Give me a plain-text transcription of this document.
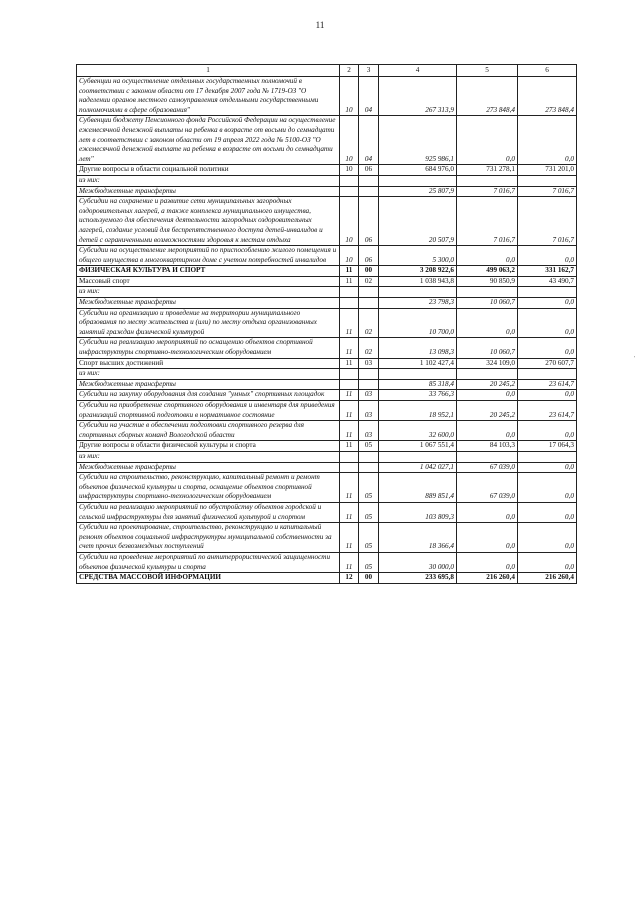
11
1	2	3	4	5	6
Субвенции на осуществление отдельных государственных полномочий в соответствии с законом области от 17 декабря 2007 года № 1719-ОЗ "О наделении органов местного самоуправления отдельными государственными полномочиями в сфере образования"	10	04	267 313,9	273 848,4	273 848,4
Субвенции бюджету Пенсионного фонда Российской Федерации на осуществление ежемесячной денежной выплаты на ребенка в возрасте от восьми до семнадцати лет в соответствии с законом области от 19 апреля 2022 года № 5100-ОЗ "О ежемесячной денежной выплате на ребенка в возрасте от восьми до семнадцати лет"	10	04	925 986,1	0,0	0,0
Другие вопросы в области социальной политики	10	06	684 976,0	731 278,1	731 201,0
из них:					
Межбюджетные трансферты			25 807,9	7 016,7	7 016,7
Субсидии на сохранение и развитие сети муниципальных загородных оздоровительных лагерей, а также комплекса муниципального имущества, используемого для обеспечения деятельности загородных оздоровительных лагерей, создание условий для беспрепятственного доступа детей-инвалидов и детей с ограниченными возможностями здоровья к местам отдыха	10	06	20 507,9	7 016,7	7 016,7
Субсидии на осуществление мероприятий по приспособлению жилого помещения и общего имущества в многоквартирном доме с учетом потребностей инвалидов	10	06	5 300,0	0,0	0,0
ФИЗИЧЕСКАЯ КУЛЬТУРА И СПОРТ	11	00	3 208 922,6	499 063,2	331 162,7
Массовый спорт	11	02	1 038 943,8	90 850,9	43 490,7
из них:					
Межбюджетные трансферты			23 798,3	10 060,7	0,0
Субсидии на организацию и проведение на территории муниципального образования по месту жительства и (или) по месту отдыха организованных занятий граждан физической культурой	11	02	10 700,0	0,0	0,0
Субсидии на реализацию мероприятий по оснащению объектов спортивной инфраструктуры спортивно-технологическим оборудованием	11	02	13 098,3	10 060,7	0,0
Спорт высших достижений	11	03	1 102 427,4	324 109,0	270 607,7
из них:					
Межбюджетные трансферты			85 318,4	20 245,2	23 614,7
Субсидии на закупку оборудования для создания "умных" спортивных площадок	11	03	33 766,3	0,0	0,0
Субсидии на приобретение спортивного оборудования и инвентаря для приведения организаций спортивной подготовки в нормативное состояние	11	03	18 952,1	20 245,2	23 614,7
Субсидии на участие в обеспечении подготовки спортивного резерва для спортивных сборных команд Вологодской области	11	03	32 600,0	0,0	0,0
Другие вопросы в области физической культуры и спорта	11	05	1 067 551,4	84 103,3	17 064,3
из них:					
Межбюджетные трансферты			1 042 027,1	67 039,0	0,0
Субсидии на строительство, реконструкцию, капитальный ремонт и ремонт объектов физической культуры и спорта, оснащение объектов спортивной инфраструктуры спортивно-технологическим оборудованием	11	05	889 851,4	67 039,0	0,0
Субсидии на реализацию мероприятий по обустройству объектов городской и сельской инфраструктуры для занятий физической культурой и спортом	11	05	103 809,3	0,0	0,0
Субсидии на проектирование, строительство, реконструкцию и капитальный ремонт объектов социальной инфраструктуры муниципальной собственности за счет прочих безвозмездных поступлений	11	05	18 366,4	0,0	0,0
Субсидии на проведение мероприятий по антитеррористической защищенности объектов физической культуры и спорта	11	05	30 000,0	0,0	0,0
СРЕДСТВА МАССОВОЙ ИНФОРМАЦИИ	12	00	233 695,8	216 260,4	216 260,4
'
